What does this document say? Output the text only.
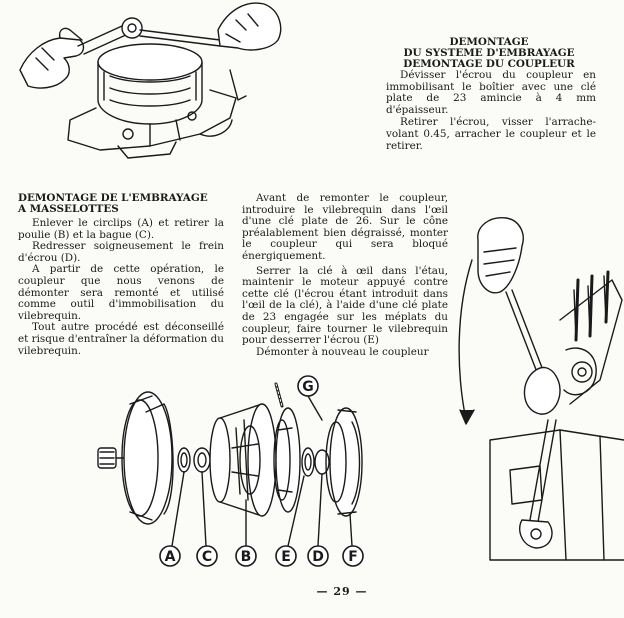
DEMONTAGE
DU SYSTEME D'EMBRAYAGE
DEMONTAGE DU COUPLEUR

Dévisser l'écrou du coupleur en immobilisant le boîtier avec une clé plate de 23 amincie à 4 mm d'épaisseur.

Retirer l'écrou, visser l'arrache-volant 0.45, arracher le coupleur et le retirer.

DEMONTAGE DE L'EMBRAYAGE
A MASSELOTTES

Enlever le circlips (A) et retirer la poulie (B) et la bague (C).

Redresser soigneusement le frein d'écrou (D).

A partir de cette opération, le coupleur que nous venons de démonter sera remonté et utilisé comme outil d'immobilisation du vilebrequin.

Tout autre procédé est déconseillé et risque d'entraîner la déformation du vilebrequin.

Avant de remonter le coupleur, introduire le vilebrequin dans l'œil d'une clé plate de 26. Sur le cône préalablement bien dégraissé, monter le coupleur qui sera bloqué énergiquement.

Serrer la clé à œil dans l'étau, maintenir le moteur appuyé contre cette clé (l'écrou étant introduit dans l'œil de la clé), à l'aide d'une clé plate de 23 engagée sur les méplats du coupleur, faire tourner le vilebrequin pour desserrer l'écrou (E)

Démonter à nouveau le coupleur

A C B E D F
G
— 29 —
